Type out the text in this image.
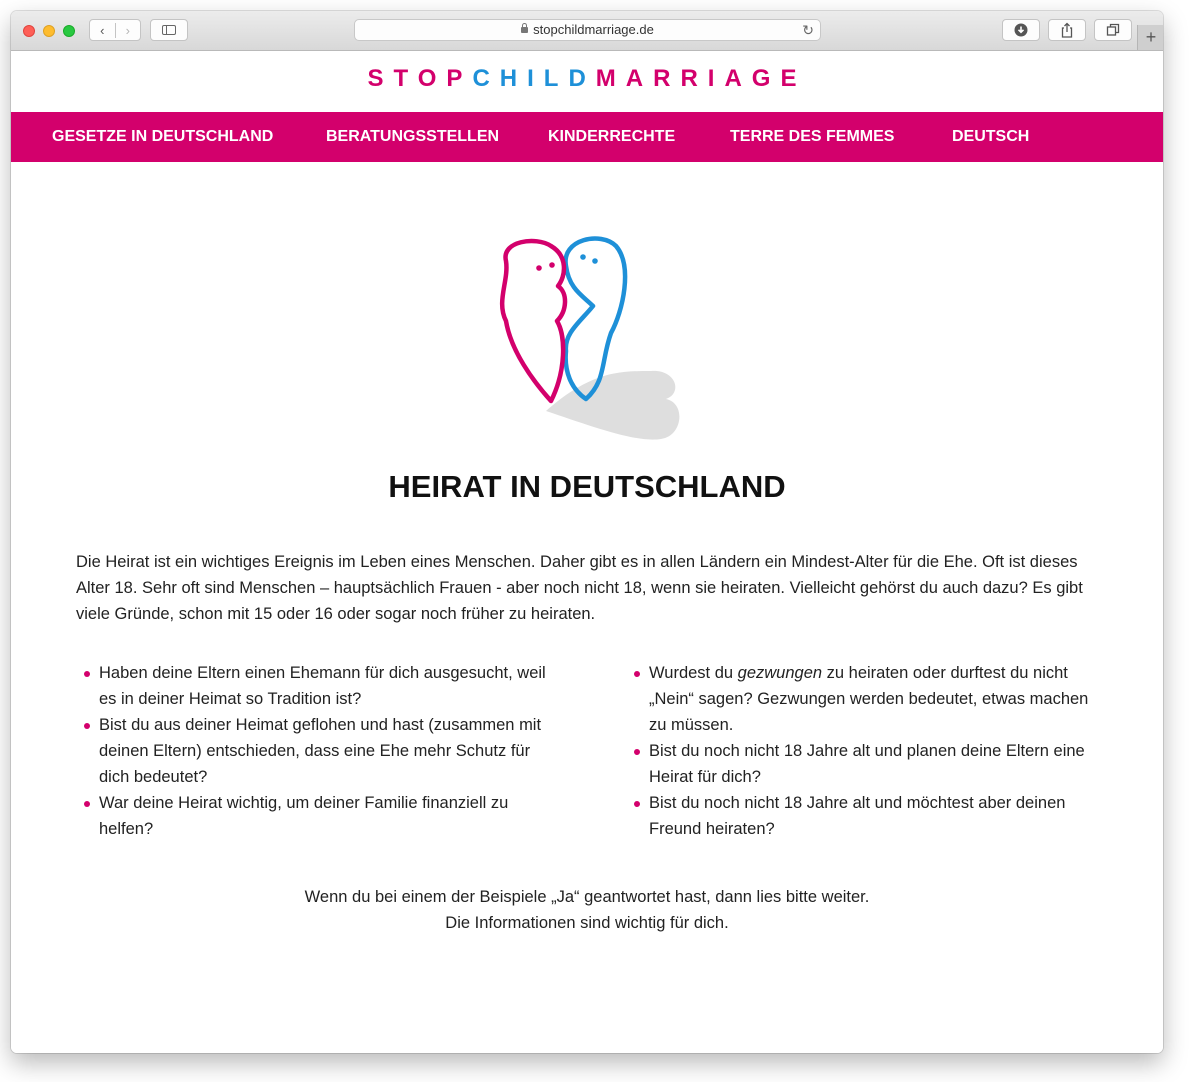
‹	›	stopchildmarriage.de	↻	+
STOPCHILDMARRIAGE
GESETZE IN DEUTSCHLAND	BERATUNGSSTELLEN	KINDERRECHTE	TERRE DES FEMMES	DEUTSCH
HEIRAT IN DEUTSCHLAND

Die Heirat ist ein wichtiges Ereignis im Leben eines Menschen. Daher gibt es in allen Ländern ein Mindest-Alter für die Ehe. Oft ist dieses Alter 18. Sehr oft sind Menschen – hauptsächlich Frauen - aber noch nicht 18, wenn sie heiraten. Vielleicht gehörst du auch dazu? Es gibt viele Gründe, schon mit 15 oder 16 oder sogar noch früher zu heiraten.

Haben deine Eltern einen Ehemann für dich ausgesucht, weil es in deiner Heimat so Tradition ist?
Bist du aus deiner Heimat geflohen und hast (zusammen mit deinen Eltern) entschieden, dass eine Ehe mehr Schutz für dich bedeutet?
War deine Heirat wichtig, um deiner Familie finanziell zu helfen?
Wurdest du gezwungen zu heiraten oder durftest du nicht „Nein“ sagen? Gezwungen werden bedeutet, etwas machen zu müssen.
Bist du noch nicht 18 Jahre alt und planen deine Eltern eine Heirat für dich?
Bist du noch nicht 18 Jahre alt und möchtest aber deinen Freund heiraten?

Wenn du bei einem der Beispiele „Ja“ geantwortet hast, dann lies bitte weiter.
Die Informationen sind wichtig für dich.
